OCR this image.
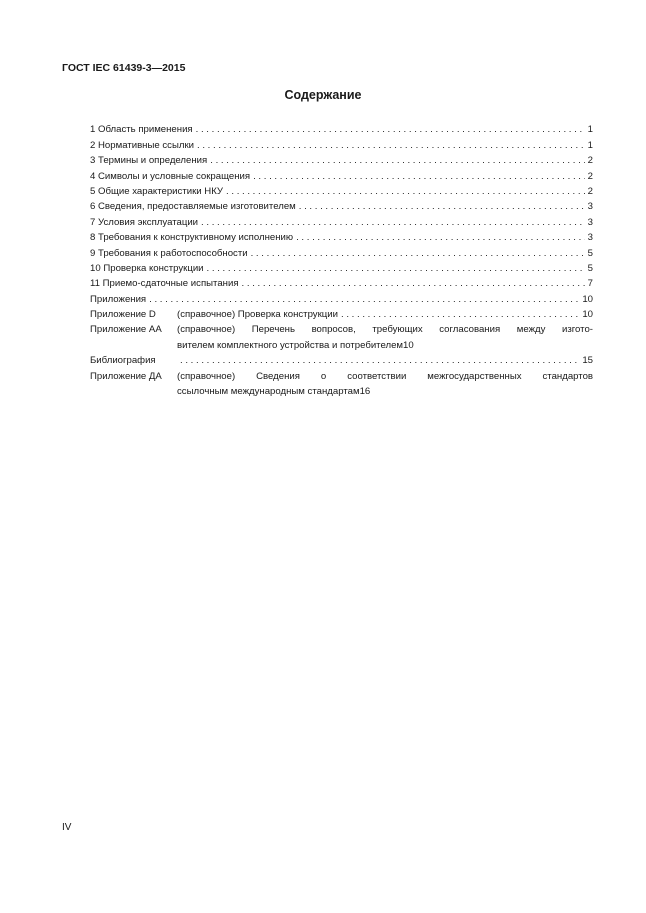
ГОСТ IEC 61439-3—2015
Содержание
1 Область применения . . .	1
2 Нормативные ссылки . . .	1
3 Термины и определения . . .	2
4 Символы и условные сокращения . . .	2
5 Общие характеристики НКУ . . .	2
6 Сведения, предоставляемые изготовителем . . .	3
7 Условия эксплуатации . . .	3
8 Требования к конструктивному исполнению . . .	3
9 Требования к работоспособности . . .	5
10 Проверка конструкции . . .	5
11 Приемо-сдаточные испытания . . .	7
Приложения . . .	10
Приложение D	(справочное) Проверка конструкции . . .	10
Приложение АА	(справочное) Перечень вопросов, требующих согласования между изгото-
вителем комплектного устройства и потребителем 10
Библиография . . .	15
Приложение ДА	(справочное) Сведения о соответствии межгосударственных стандартов
ссылочным международным стандартам 16
IV
